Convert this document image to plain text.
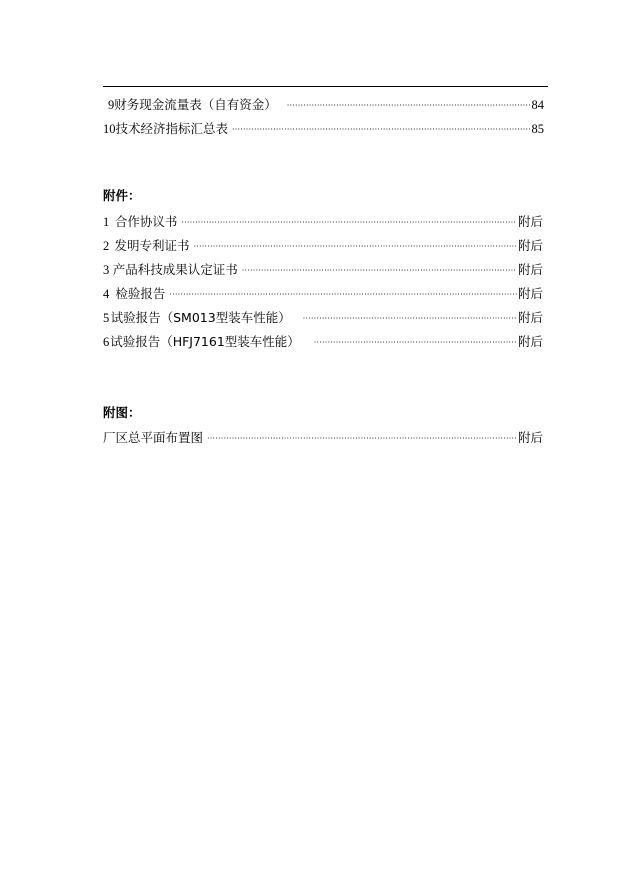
9 财务现金流量表（自有资金） ·····	84
10 技术经济指标汇总表 ·····	85
附件：
1 合作协议书 ·····	附后
2 发明专利证书 ·····	附后
3 产品科技成果认定证书 ·····	附后
4 检验报告 ·····	附后
5 试验报告（SM013型装车性能） ·····	附后
6 试验报告（HFJ7161型装车性能） ·····	附后
附图：
厂区总平面布置图 ·····	附后
